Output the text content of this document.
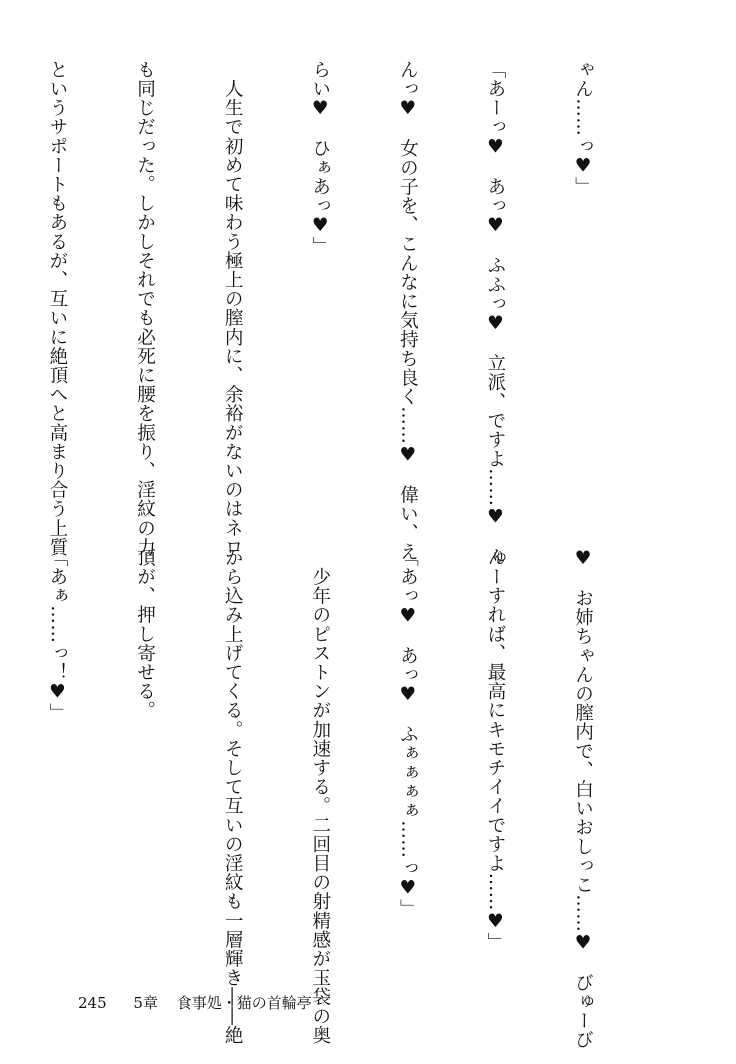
ゃん……っ♥」

「あーっ♥　あっ♥　ふふっ♥　立派、ですよ……♥　ん

んっ♥　女の子を、こんなに気持ち良く……♥　偉い、え

らい♥　ひぁあっ♥」

　人生で初めて味わう極上の膣内に、余裕がないのはネロ

も同じだった。しかしそれでも必死に腰を振り、淫紋の力

というサポートもあるが、互いに絶頂へと高まり合う上質

♥　お姉ちゃんの膣内で、白いおしっこ……♥　びゅーび

ゅーすれば、最高にキモチイイですよ……♥」

「あっ♥　あっ♥　ふぁぁぁぁ……っ♥」

　少年のピストンが加速する。二回目の射精感が玉袋の奥

から込み上げてくる。そして互いの淫紋も一層輝き――絶

頂が、押し寄せる。

「あぁ……っ！♥」

245 5章 食事処・猫の首輪亭
